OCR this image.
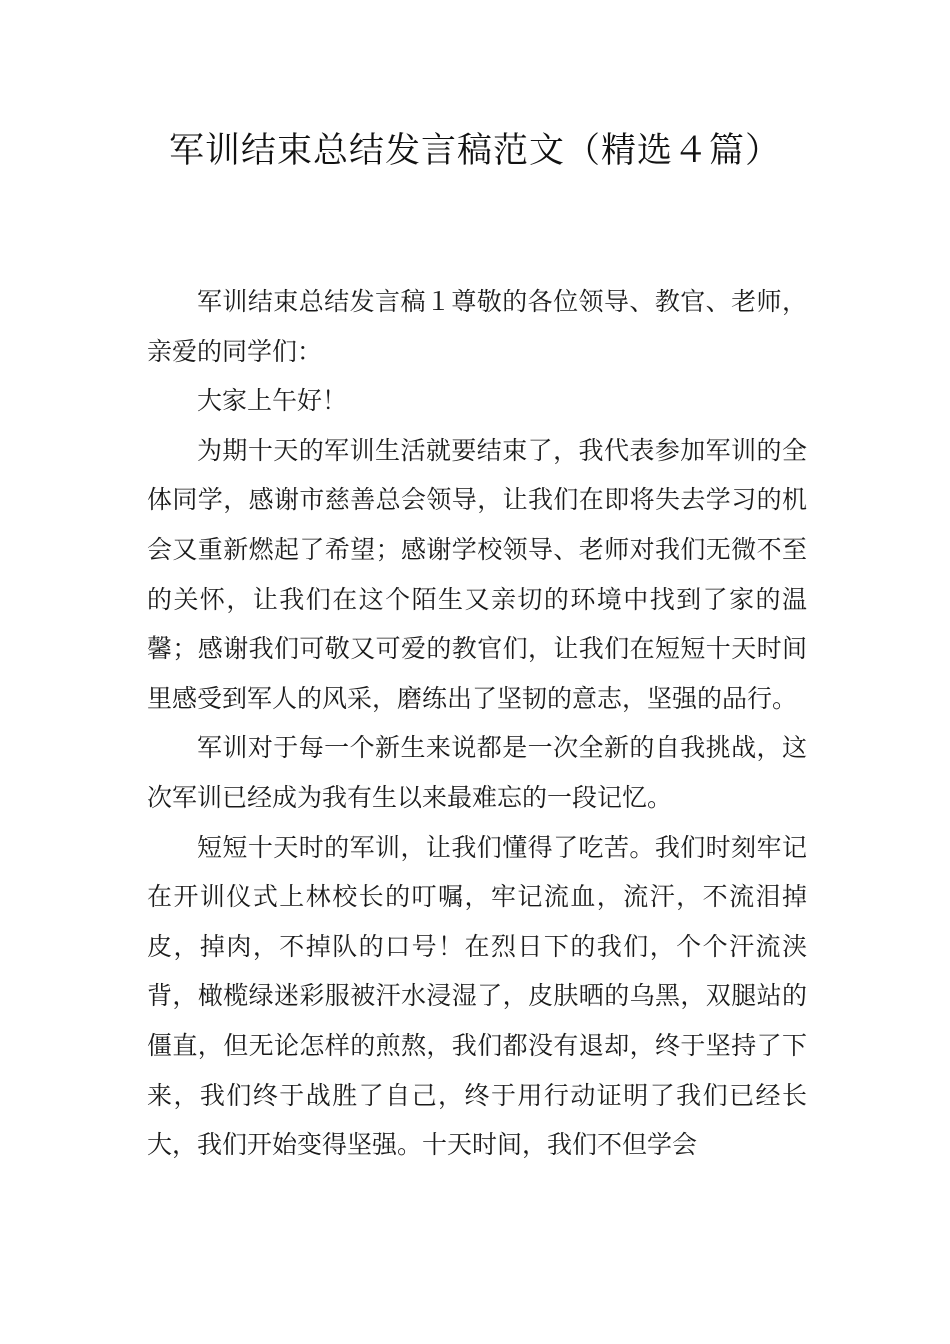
军训结束总结发言稿范文（精选４篇）

军训结束总结发言稿１尊敬的各位领导、教官、老师，亲爱的同学们：

大家上午好！

为期十天的军训生活就要结束了，我代表参加军训的全体同学，感谢市慈善总会领导，让我们在即将失去学习的机会又重新燃起了希望；感谢学校领导、老师对我们无微不至的关怀，让我们在这个陌生又亲切的环境中找到了家的温馨；感谢我们可敬又可爱的教官们，让我们在短短十天时间里感受到军人的风采，磨练出了坚韧的意志，坚强的品行。

军训对于每一个新生来说都是一次全新的自我挑战，这次军训已经成为我有生以来最难忘的一段记忆。

短短十天时的军训，让我们懂得了吃苦。我们时刻牢记在开训仪式上林校长的叮嘱，牢记流血，流汗，不流泪掉皮，掉肉，不掉队的口号！在烈日下的我们，个个汗流浃背，橄榄绿迷彩服被汗水浸湿了，皮肤晒的乌黑，双腿站的僵直，但无论怎样的煎熬，我们都没有退却，终于坚持了下来，我们终于战胜了自己，终于用行动证明了我们已经长大，我们开始变得坚强。十天时间，我们不但学会
